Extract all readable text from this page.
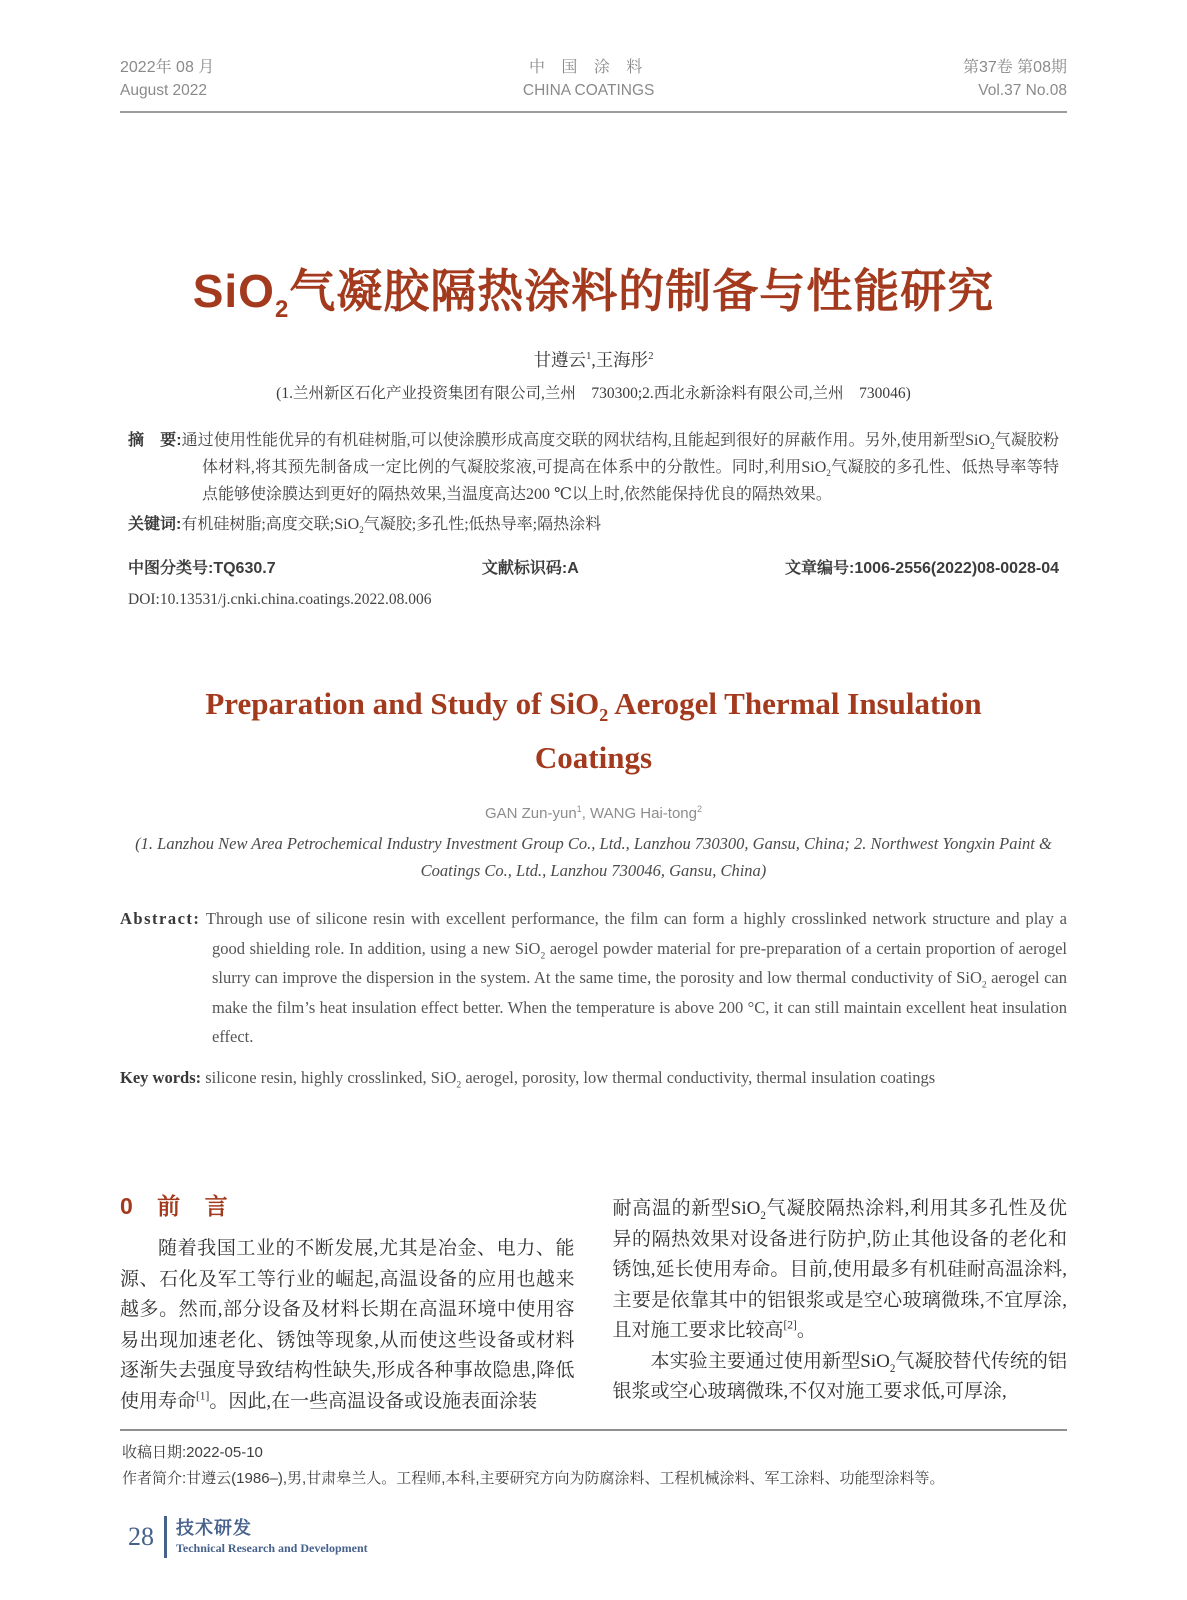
2022年 08 月
August 2022
中 国 涂 料
CHINA COATINGS
第37卷 第08期
Vol.37 No.08
SiO$_2$气凝胶隔热涂料的制备与性能研究
甘遵云$^1$,王海彤$^2$
(1.兰州新区石化产业投资集团有限公司,兰州 730300;2.西北永新涂料有限公司,兰州 730046)

摘 要:通过使用性能优异的有机硅树脂,可以使涂膜形成高度交联的网状结构,且能起到很好的屏蔽作用。另外,使用新型SiO$_2$气凝胶粉体材料,将其预先制备成一定比例的气凝胶浆液,可提高在体系中的分散性。同时,利用SiO$_2$气凝胶的多孔性、低热导率等特点能够使涂膜达到更好的隔热效果,当温度高达200 ℃以上时,依然能保持优良的隔热效果。

关键词:有机硅树脂;高度交联;SiO$_2$气凝胶;多孔性;低热导率;隔热涂料

中图分类号:TQ630.7	文献标识码:A	文章编号:1006-2556(2022)08-0028-04
DOI:10.13531/j.cnki.china.coatings.2022.08.006
Preparation and Study of SiO$_2$ Aerogel Thermal Insulation Coatings
GAN Zun-yun$^1$, WANG Hai-tong$^2$
(1. Lanzhou New Area Petrochemical Industry Investment Group Co., Ltd., Lanzhou 730300, Gansu, China; 2. Northwest Yongxin Paint & Coatings Co., Ltd., Lanzhou 730046, Gansu, China)

Abstract: Through use of silicone resin with excellent performance, the film can form a highly crosslinked network structure and play a good shielding role. In addition, using a new SiO$_2$ aerogel powder material for pre-preparation of a certain proportion of aerogel slurry can improve the dispersion in the system. At the same time, the porosity and low thermal conductivity of SiO$_2$ aerogel can make the film’s heat insulation effect better. When the temperature is above 200 °C, it can still maintain excellent heat insulation effect.

Key words: silicone resin, highly crosslinked, SiO$_2$ aerogel, porosity, low thermal conductivity, thermal insulation coatings

0 前 言

随着我国工业的不断发展,尤其是冶金、电力、能源、石化及军工等行业的崛起,高温设备的应用也越来越多。然而,部分设备及材料长期在高温环境中使用容易出现加速老化、锈蚀等现象,从而使这些设备或材料逐渐失去强度导致结构性缺失,形成各种事故隐患,降低使用寿命[1]。因此,在一些高温设备或设施表面涂装

耐高温的新型SiO$_2$气凝胶隔热涂料,利用其多孔性及优异的隔热效果对设备进行防护,防止其他设备的老化和锈蚀,延长使用寿命。目前,使用最多有机硅耐高温涂料,主要是依靠其中的铝银浆或是空心玻璃微珠,不宜厚涂,且对施工要求比较高[2]。

本实验主要通过使用新型SiO$_2$气凝胶替代传统的铝银浆或空心玻璃微珠,不仅对施工要求低,可厚涂,

收稿日期:2022-05-10
作者简介:甘遵云(1986–),男,甘肃皋兰人。工程师,本科,主要研究方向为防腐涂料、工程机械涂料、军工涂料、功能型涂料等。
28 技术研发
Technical Research and Development
